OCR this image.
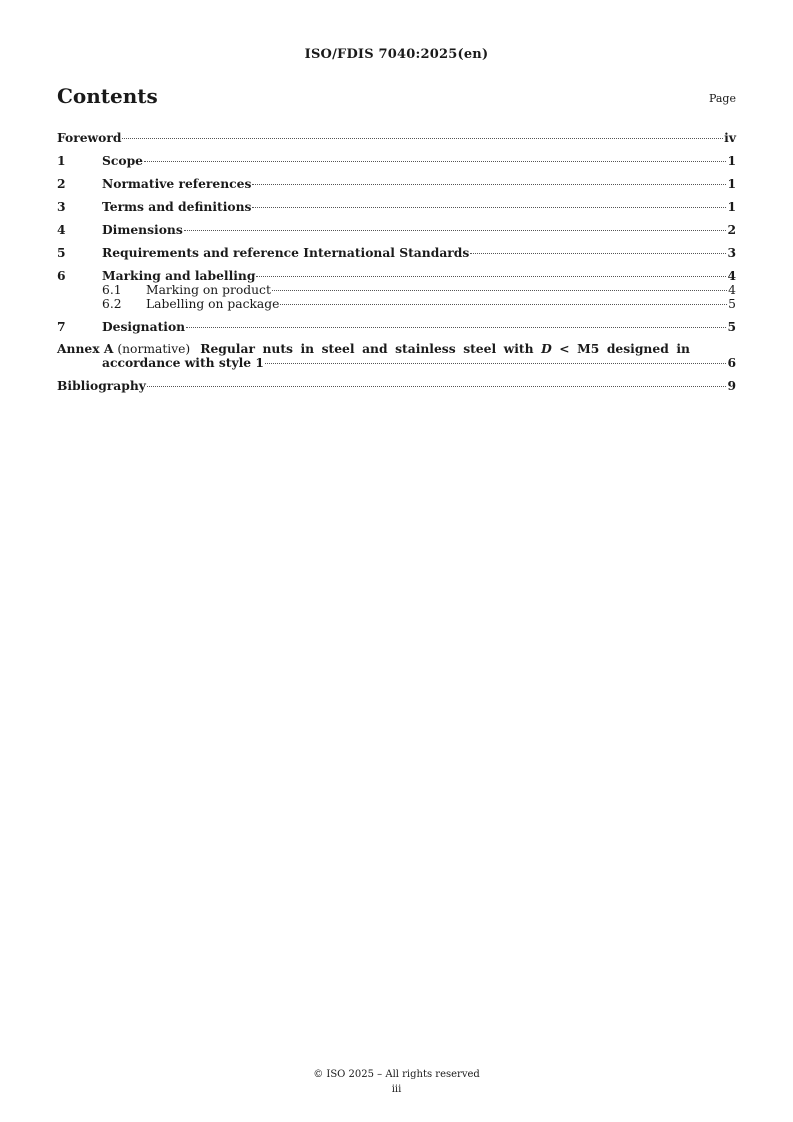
ISO/FDIS 7040:2025(en)
Contents	Page
Foreword	iv
1	Scope	1
2	Normative references	1
3	Terms and definitions	1
4	Dimensions	2
5	Requirements and reference International Standards	3
6	Marking and labelling	4
6.1	Marking on product	4
6.2	Labelling on package	5
7	Designation	5
Annex A
(normative) Regular nuts in steel and stainless steel with D < M5 designed in
accordance with style 1	6
Bibliography	9
© ISO 2025 – All rights reserved
iii
